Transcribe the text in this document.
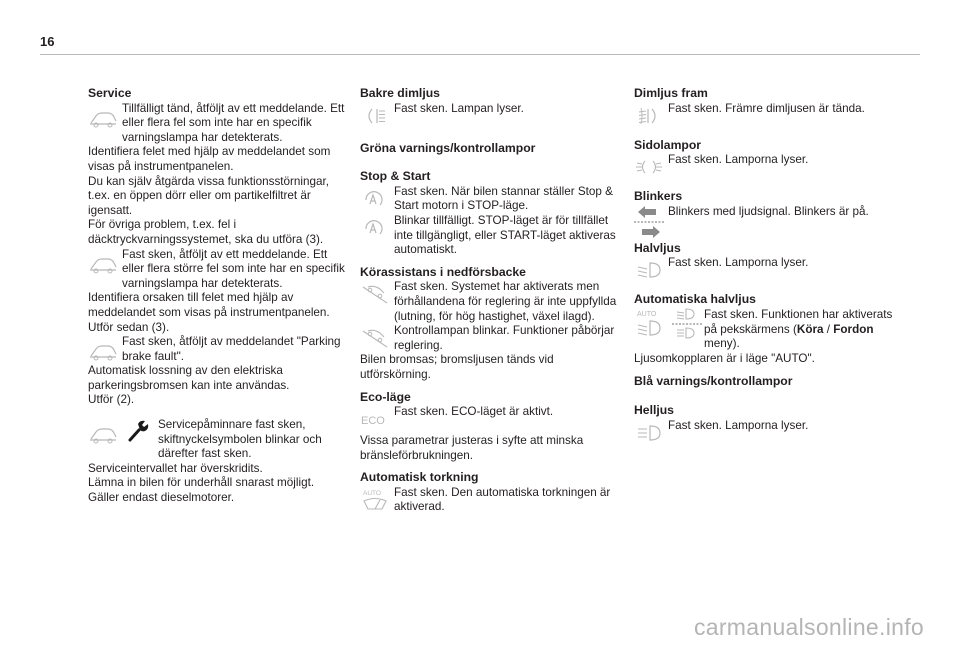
16
Service
Tillfälligt tänd, åtföljt av ett meddelande. Ett eller flera fel som inte har en specifik varningslampa har detekterats.
Identifiera felet med hjälp av meddelandet som visas på instrumentpanelen.
Du kan själv åtgärda vissa funktionsstörningar, t.ex. en öppen dörr eller om partikelfiltret är igensatt.
För övriga problem, t.ex. fel i däcktryckvarningssystemet, ska du utföra (3).
Fast sken, åtföljt av ett meddelande. Ett eller flera större fel som inte har en specifik varningslampa har detekterats.
Identifiera orsaken till felet med hjälp av meddelandet som visas på instrumentpanelen.
Utför sedan (3).
Fast sken, åtföljt av meddelandet "Parking brake fault".
Automatisk lossning av den elektriska parkeringsbromsen kan inte användas.
Utför (2).
Servicepåminnare fast sken, skiftnyckelsymbolen blinkar och därefter fast sken.
Serviceintervallet har överskridits.
Lämna in bilen för underhåll snarast möjligt.
Gäller endast dieselmotorer.
Bakre dimljus
Fast sken. Lampan lyser.
Gröna varnings/kontrollampor
Stop & Start
Fast sken. När bilen stannar ställer Stop & Start motorn i STOP-läge.
Blinkar tillfälligt. STOP-läget är för tillfället inte tillgängligt, eller START-läget aktiveras automatiskt.
Körassistans i nedförsbacke
Fast sken. Systemet har aktiverats men förhållandena för reglering är inte uppfyllda (lutning, för hög hastighet, växel ilagd).
Kontrollampan blinkar. Funktioner påbörjar reglering.
Bilen bromsas; bromsljusen tänds vid utförskörning.
Eco-läge
ECO
Fast sken. ECO-läget är aktivt.
Vissa parametrar justeras i syfte att minska bränsleförbrukningen.
Automatisk torkning
AUTO Fast sken. Den automatiska torkningen är aktiverad.
Dimljus fram
Fast sken. Främre dimljusen är tända.
Sidolampor
Fast sken. Lamporna lyser.
Blinkers
Blinkers med ljudsignal. Blinkers är på.
Halvljus
Fast sken. Lamporna lyser.
Automatiska halvljus
AUTO	Fast sken. Funktionen har aktiverats på pekskärmens (Köra / Fordon meny).
Ljusomkopplaren är i läge "AUTO".
Blå varnings/kontrollampor
Helljus
Fast sken. Lamporna lyser.
carmanualsonline.info
